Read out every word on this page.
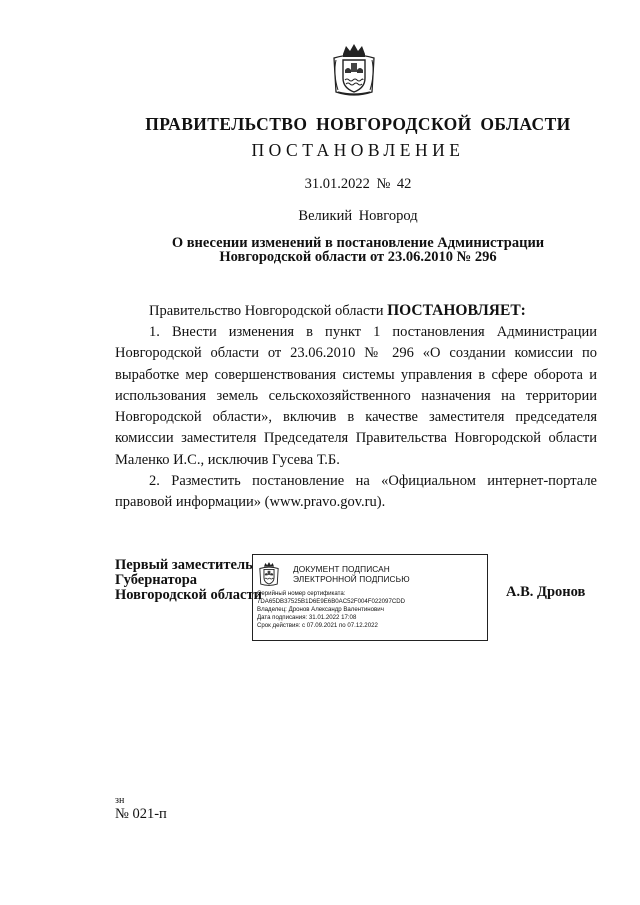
ПРАВИТЕЛЬСТВО НОВГОРОДСКОЙ ОБЛАСТИ
ПОСТАНОВЛЕНИЕ
31.01.2022 № 42
Великий Новгород
О внесении изменений в постановление Администрации
Новгородской области от 23.06.2010 № 296
Правительство Новгородской области ПОСТАНОВЛЯЕТ:

1. Внести изменения в пункт 1 постановления Администрации Новгородской области от 23.06.2010 № 296 «О создании комиссии по выработке мер совершенствования системы управления в сфере оборота и использования земель сельскохозяйственного назначения на территории Новгородской области», включив в качестве заместителя председателя комиссии заместителя Председателя Правительства Новгородской области Маленко И.С., исключив Гусева Т.Б.

2. Разместить постановление на «Официальном интернет-портале правовой информации» (www.pravo.gov.ru).

Первый заместитель
Губернатора
Новгородской области
ДОКУМЕНТ ПОДПИСАН
ЭЛЕКТРОННОЙ ПОДПИСЬЮ
Серийный номер сертификата:
7DA65DB37525B1D6E9E6B0AC52F004F022097CDD
Владелец: Дронов Александр Валентинович
Дата подписания: 31.01.2022 17:08
Срок действия: с 07.09.2021 по 07.12.2022
А.В. Дронов
зн
№ 021-п
